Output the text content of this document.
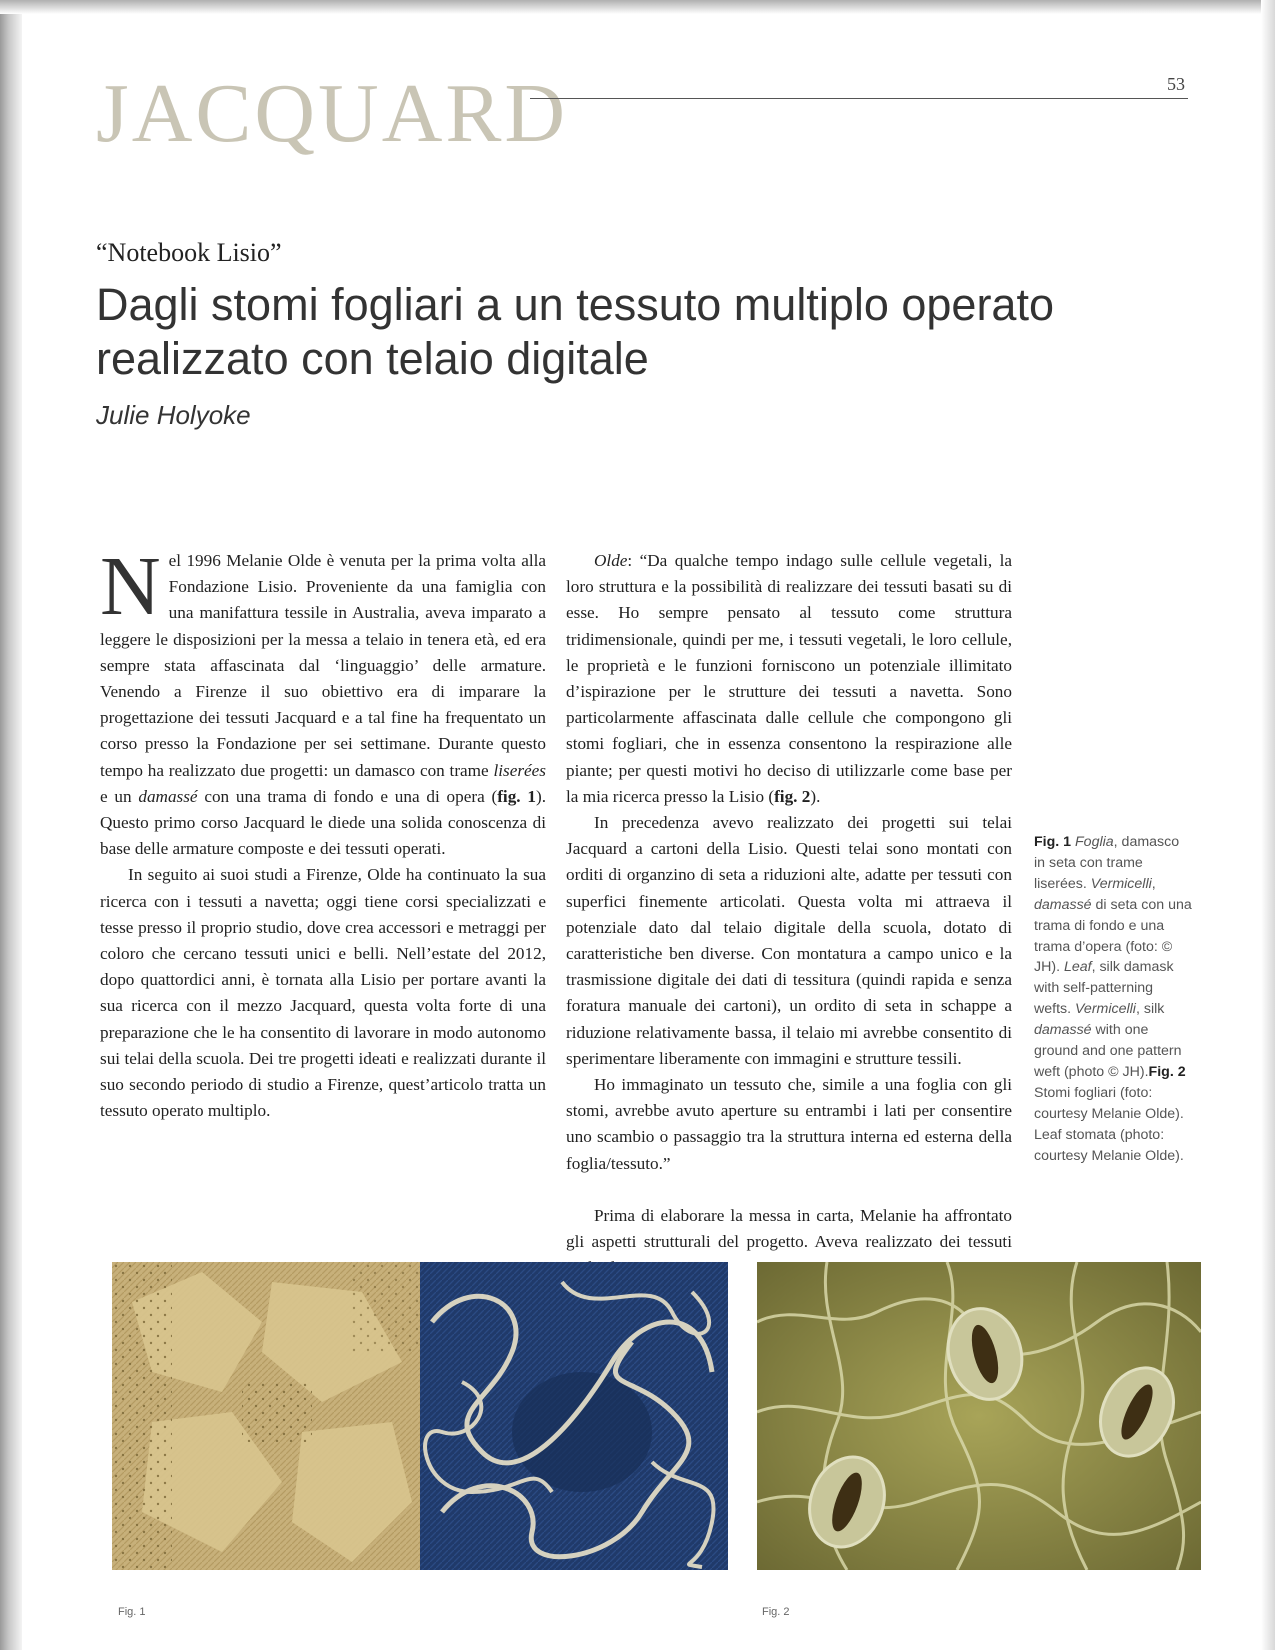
JACQUARD	53

“Notebook Lisio”

Dagli stomi fogliari a un tessuto multiplo operato realizzato con telaio digitale

Julie Holyoke

Nel 1996 Melanie Olde è venuta per la prima volta alla Fondazione Lisio. Proveniente da una famiglia con una manifattura tessile in Australia, aveva imparato a leggere le disposizioni per la messa a telaio in tenera età, ed era sempre stata affascinata dal ‘linguaggio’ delle armature. Venendo a Firenze il suo obiettivo era di imparare la progettazione dei tessuti Jacquard e a tal fine ha frequentato un corso presso la Fondazione per sei settimane. Durante questo tempo ha realizzato due progetti: un damasco con trame liserées e un damassé con una trama di fondo e una di opera (fig. 1). Questo primo corso Jacquard le diede una solida conoscenza di base delle armature composte e dei tessuti operati.

In seguito ai suoi studi a Firenze, Olde ha continuato la sua ricerca con i tessuti a navetta; oggi tiene corsi specializzati e tesse presso il proprio studio, dove crea accessori e metraggi per coloro che cercano tessuti unici e belli. Nell’estate del 2012, dopo quattordici anni, è tornata alla Lisio per portare avanti la sua ricerca con il mezzo Jacquard, questa volta forte di una preparazione che le ha consentito di lavorare in modo autonomo sui telai della scuola. Dei tre progetti ideati e realizzati durante il suo secondo periodo di studio a Firenze, quest’articolo tratta un tessuto operato multiplo.

Olde: “Da qualche tempo indago sulle cellule vegetali, la loro struttura e la possibilità di realizzare dei tessuti basati su di esse. Ho sempre pensato al tessuto come struttura tridimensionale, quindi per me, i tessuti vegetali, le loro cellule, le proprietà e le funzioni forniscono un potenziale illimitato d’ispirazione per le strutture dei tessuti a navetta. Sono particolarmente affascinata dalle cellule che compongono gli stomi fogliari, che in essenza consentono la respirazione alle piante; per questi motivi ho deciso di utilizzarle come base per la mia ricerca presso la Lisio (fig. 2).

In precedenza avevo realizzato dei progetti sui telai Jacquard a cartoni della Lisio. Questi telai sono montati con orditi di organzino di seta a riduzioni alte, adatte per tessuti con superfici finemente articolati. Questa volta mi attraeva il potenziale dato dal telaio digitale della scuola, dotato di caratteristiche ben diverse. Con montatura a campo unico e la trasmissione digitale dei dati di tessitura (quindi rapida e senza foratura manuale dei cartoni), un ordito di seta in schappe a riduzione relativamente bassa, il telaio mi avrebbe consentito di sperimentare liberamente con immagini e strutture tessili.

Ho immaginato un tessuto che, simile a una foglia con gli stomi, avrebbe avuto aperture su entrambi i lati per consentire uno scambio o passaggio tra la struttura interna ed esterna della foglia/tessuto.”

Prima di elaborare la messa in carta, Melanie ha affrontato gli aspetti strutturali del progetto. Aveva realizzato dei tessuti

Fig. 1 Foglia, damasco in seta con trame liserées. Vermicelli, damassé di seta con una trama di fondo e una trama d’opera (foto: © JH). Leaf, silk damask with self-patterning wefts. Vermicelli, silk damassé with one ground and one pattern weft (photo © JH).Fig. 2 Stomi fogliari (foto: courtesy Melanie Olde). Leaf stomata (photo: courtesy Melanie Olde).
Fig. 1	Fig. 2
